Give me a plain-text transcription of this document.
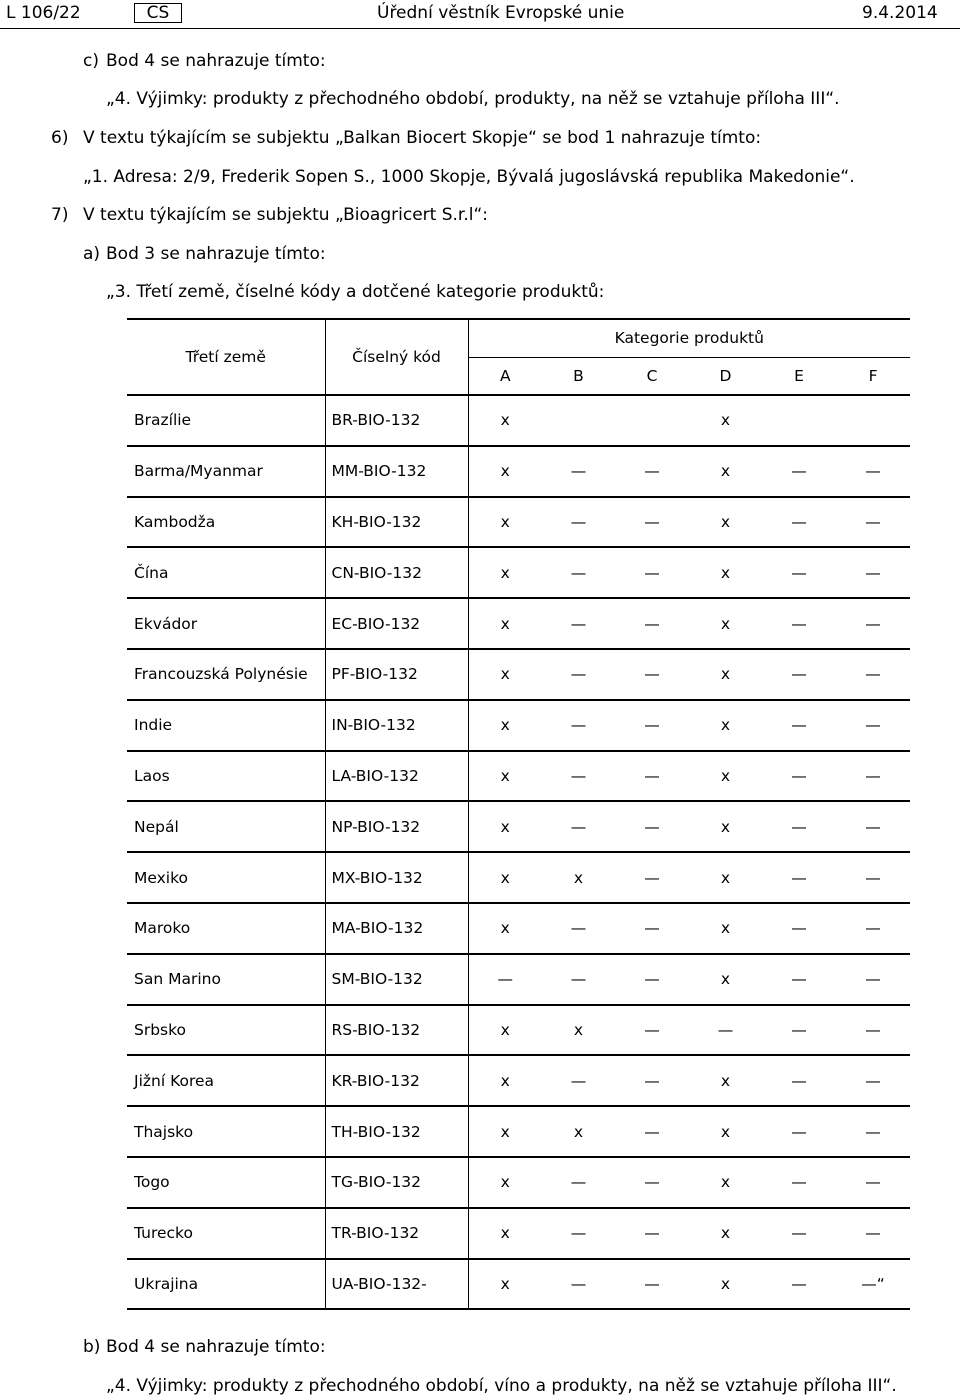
L 106/22	CS	Úřední věstník Evropské unie	9.4.2014
c) Bod 4 se nahrazuje tímto:
„4. Výjimky: produkty z přechodného období, produkty, na něž se vztahuje příloha III“.
6) V textu týkajícím se subjektu „Balkan Biocert Skopje“ se bod 1 nahrazuje tímto:
„1. Adresa: 2/9, Frederik Sopen S., 1000 Skopje, Bývalá jugoslávská republika Makedonie“.
7) V textu týkajícím se subjektu „Bioagricert S.r.l“:
a) Bod 3 se nahrazuje tímto:
„3. Třetí země, číselné kódy a dotčené kategorie produktů:
Třetí země	Číselný kód	Kategorie produktů					
		A	B	C	D	E	F
Brazílie	BR-BIO-132	x			x		
Barma/Myanmar	MM-BIO-132	x	—	—	x	—	—
Kambodža	KH-BIO-132	x	—	—	x	—	—
Čína	CN-BIO-132	x	—	—	x	—	—
Ekvádor	EC-BIO-132	x	—	—	x	—	—
Francouzská Polynésie	PF-BIO-132	x	—	—	x	—	—
Indie	IN-BIO-132	x	—	—	x	—	—
Laos	LA-BIO-132	x	—	—	x	—	—
Nepál	NP-BIO-132	x	—	—	x	—	—
Mexiko	MX-BIO-132	x	x	—	x	—	—
Maroko	MA-BIO-132	x	—	—	x	—	—
San Marino	SM-BIO-132	—	—	—	x	—	—
Srbsko	RS-BIO-132	x	x	—	—	—	—
Jižní Korea	KR-BIO-132	x	—	—	x	—	—
Thajsko	TH-BIO-132	x	x	—	x	—	—
Togo	TG-BIO-132	x	—	—	x	—	—
Turecko	TR-BIO-132	x	—	—	x	—	—
Ukrajina	UA-BIO-132-	x	—	—	x	—	—“
b) Bod 4 se nahrazuje tímto:
„4. Výjimky: produkty z přechodného období, víno a produkty, na něž se vztahuje příloha III“.
